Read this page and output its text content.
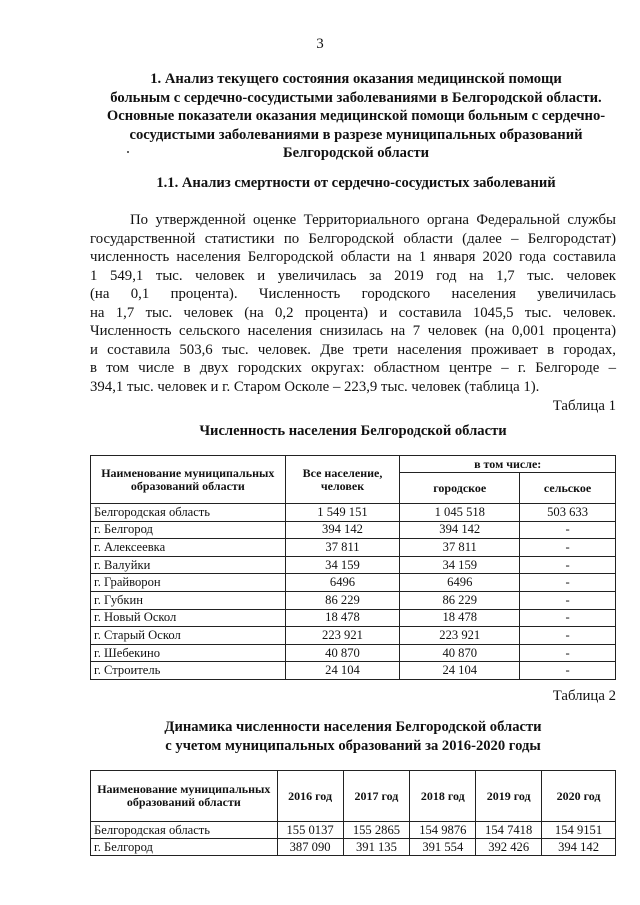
3
1. Анализ текущего состояния оказания медицинской помощи
больным с сердечно-сосудистыми заболеваниями в Белгородской области.
Основные показатели оказания медицинской помощи больным с сердечно-
сосудистыми заболеваниями в разрезе муниципальных образований
Белгородской области
1.1. Анализ смертности от сердечно-сосудистых заболеваний
По утвержденной оценке Территориального органа Федеральной службы
государственной статистики по Белгородской области (далее – Белгородстат)
численность населения Белгородской области на 1 января 2020 года составила
1 549,1 тыс. человек и увеличилась за 2019 год на 1,7 тыс. человек
(на 0,1 процента). Численность городского населения увеличилась
на 1,7 тыс. человек (на 0,2 процента) и составила 1045,5 тыс. человек.
Численность сельского населения снизилась на 7 человек (на 0,001 процента)
и составила 503,6 тыс. человек. Две трети населения проживает в городах,
в том числе в двух городских округах: областном центре – г. Белгороде –
394,1 тыс. человек и г. Старом Осколе – 223,9 тыс. человек (таблица 1).
Таблица 1
Численность населения Белгородской области
Наименование муниципальных образований области	Все население, человек	в том числе:	
		городское	сельское
Белгородская область	1 549 151	1 045 518	503 633
г. Белгород	394 142	394 142	-
г. Алексеевка	37 811	37 811	-
г. Валуйки	34 159	34 159	-
г. Грайворон	6496	6496	-
г. Губкин	86 229	86 229	-
г. Новый Оскол	18 478	18 478	-
г. Старый Оскол	223 921	223 921	-
г. Шебекино	40 870	40 870	-
г. Строитель	24 104	24 104	-
Таблица 2
Динамика численности населения Белгородской области
с учетом муниципальных образований за 2016-2020 годы
Наименование муниципальных образований области	2016 год	2017 год	2018 год	2019 год	2020 год
Белгородская область	155 0137	155 2865	154 9876	154 7418	154 9151
г. Белгород	387 090	391 135	391 554	392 426	394 142
